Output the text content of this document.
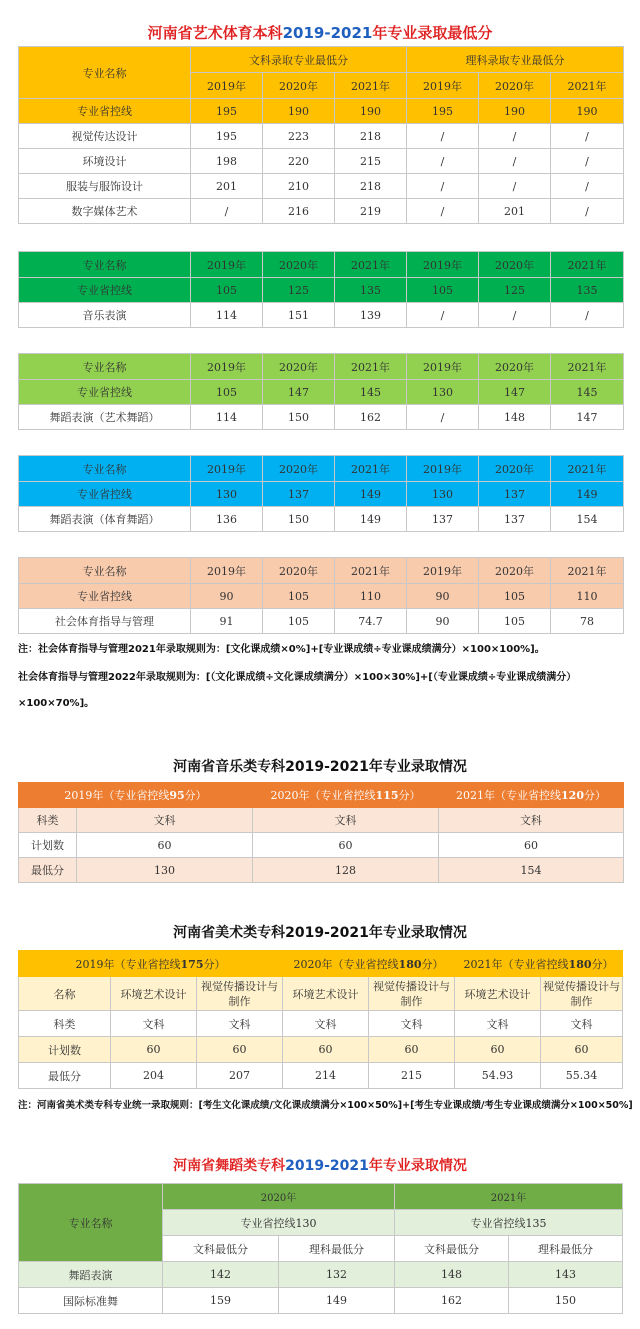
河南省艺术体育本科2019-2021年专业录取最低分
专业名称	文科录取专业最低分			理科录取专业最低分		
	2019年	2020年	2021年	2019年	2020年	2021年
专业省控线	195	190	190	195	190	190
视觉传达设计	195	223	218	/	/	/
环境设计	198	220	215	/	/	/
服装与服饰设计	201	210	218	/	/	/
数字媒体艺术	/	216	219	/	201	/
专业名称	2019年	2020年	2021年	2019年	2020年	2021年
专业省控线	105	125	135	105	125	135
音乐表演	114	151	139	/	/	/
专业名称	2019年	2020年	2021年	2019年	2020年	2021年
专业省控线	105	147	145	130	147	145
舞蹈表演（艺术舞蹈）	114	150	162	/	148	147
专业名称	2019年	2020年	2021年	2019年	2020年	2021年
专业省控线	130	137	149	130	137	149
舞蹈表演（体育舞蹈）	136	150	149	137	137	154
专业名称	2019年	2020年	2021年	2019年	2020年	2021年
专业省控线	90	105	110	90	105	110
社会体育指导与管理	91	105	74.7	90	105	78
注：社会体育指导与管理2021年录取规则为：[文化课成绩×0%]+[专业课成绩÷专业课成绩满分）×100×100%]。
社会体育指导与管理2022年录取规则为：[（文化课成绩÷文化课成绩满分）×100×30%]+[（专业课成绩÷专业课成绩满分）
×100×70%]。
河南省音乐类专科2019-2021年专业录取情况
2019年（专业省控线95分）		2020年（专业省控线115分）	2021年（专业省控线120分）
科类	文科	文科	文科
计划数	60	60	60
最低分	130	128	154
河南省美术类专科2019-2021年专业录取情况
2019年（专业省控线175分）			2020年（专业省控线180分）		2021年（专业省控线180分）	
名称	环境艺术设计	视觉传播设计与制作	环境艺术设计	视觉传播设计与制作	环境艺术设计	视觉传播设计与制作
科类	文科	文科	文科	文科	文科	文科
计划数	60	60	60	60	60	60
最低分	204	207	214	215	54.93	55.34
注：河南省美术类专科专业统一录取规则：[考生文化课成绩/文化课成绩满分×100×50%]+[考生专业课成绩/考生专业课成绩满分×100×50%]
河南省舞蹈类专科2019-2021年专业录取情况
专业名称	2020年		2021年	
	专业省控线130		专业省控线135	
	文科最低分	理科最低分	文科最低分	理科最低分
舞蹈表演	142	132	148	143
国际标准舞	159	149	162	150
